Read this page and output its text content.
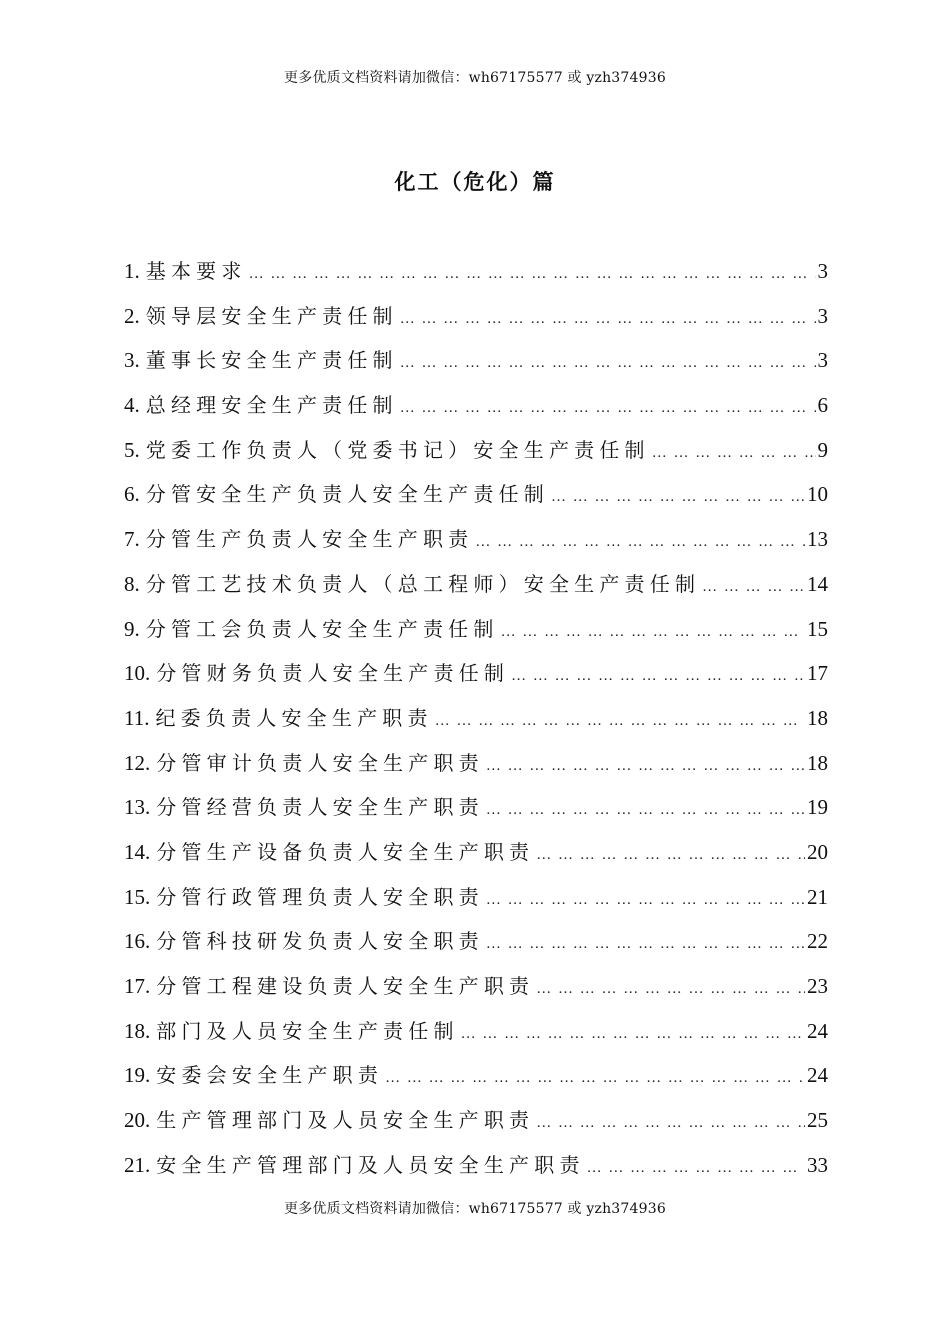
更多优质文档资料请加微信：wh67175577 或 yzh374936
化工（危化）篇
1. 基本要求 … … … … … … … … … … … … … … … … … … … … … … … … … … … … … … … … … … … … … … … … … … … … … …	3
2. 领导层安全生产责任制 … … … … … … … … … … … … … … … … … … … … … … … … … … … … … … … … … … … … … … … … … … … … … …	3
3. 董事长安全生产责任制 … … … … … … … … … … … … … … … … … … … … … … … … … … … … … … … … … … … … … … … … … … … … … …	3
4. 总经理安全生产责任制 … … … … … … … … … … … … … … … … … … … … … … … … … … … … … … … … … … … … … … … … … … … … … …	6
5. 党委工作负责人（党委书记）安全生产责任制 … … … … … … … … … … … … … … … … … … … … … … … … … … … … … … … … … … … … … … … … … … … … … …	9
6. 分管安全生产负责人安全生产责任制 … … … … … … … … … … … … … … … … … … … … … … … … … … … … … … … … … … … … … … … … … … … … … …	10
7. 分管生产负责人安全生产职责 … … … … … … … … … … … … … … … … … … … … … … … … … … … … … … … … … … … … … … … … … … … … … …	13
8. 分管工艺技术负责人（总工程师）安全生产责任制 … … … … … … … … … … … … … … … … … … … … … … … … … … … … … … … … … … … … … … … … … … … … … …	14
9. 分管工会负责人安全生产责任制 … … … … … … … … … … … … … … … … … … … … … … … … … … … … … … … … … … … … … … … … … … … … … …	15
10. 分管财务负责人安全生产责任制 … … … … … … … … … … … … … … … … … … … … … … … … … … … … … … … … … … … … … … … … … … … … … …	17
11. 纪委负责人安全生产职责 … … … … … … … … … … … … … … … … … … … … … … … … … … … … … … … … … … … … … … … … … … … … … …	18
12. 分管审计负责人安全生产职责 … … … … … … … … … … … … … … … … … … … … … … … … … … … … … … … … … … … … … … … … … … … … … …	18
13. 分管经营负责人安全生产职责 … … … … … … … … … … … … … … … … … … … … … … … … … … … … … … … … … … … … … … … … … … … … … …	19
14. 分管生产设备负责人安全生产职责 … … … … … … … … … … … … … … … … … … … … … … … … … … … … … … … … … … … … … … … … … … … … … …	20
15. 分管行政管理负责人安全职责 … … … … … … … … … … … … … … … … … … … … … … … … … … … … … … … … … … … … … … … … … … … … … …	21
16. 分管科技研发负责人安全职责 … … … … … … … … … … … … … … … … … … … … … … … … … … … … … … … … … … … … … … … … … … … … … …	22
17. 分管工程建设负责人安全生产职责 … … … … … … … … … … … … … … … … … … … … … … … … … … … … … … … … … … … … … … … … … … … … … …	23
18. 部门及人员安全生产责任制 … … … … … … … … … … … … … … … … … … … … … … … … … … … … … … … … … … … … … … … … … … … … … …	24
19. 安委会安全生产职责 … … … … … … … … … … … … … … … … … … … … … … … … … … … … … … … … … … … … … … … … … … … … … …	24
20. 生产管理部门及人员安全生产职责 … … … … … … … … … … … … … … … … … … … … … … … … … … … … … … … … … … … … … … … … … … … … … …	25
21. 安全生产管理部门及人员安全生产职责 … … … … … … … … … … … … … … … … … … … … … … … … … … … … … … … … … … … … … … … … … … … … … …	33
更多优质文档资料请加微信：wh67175577 或 yzh374936
